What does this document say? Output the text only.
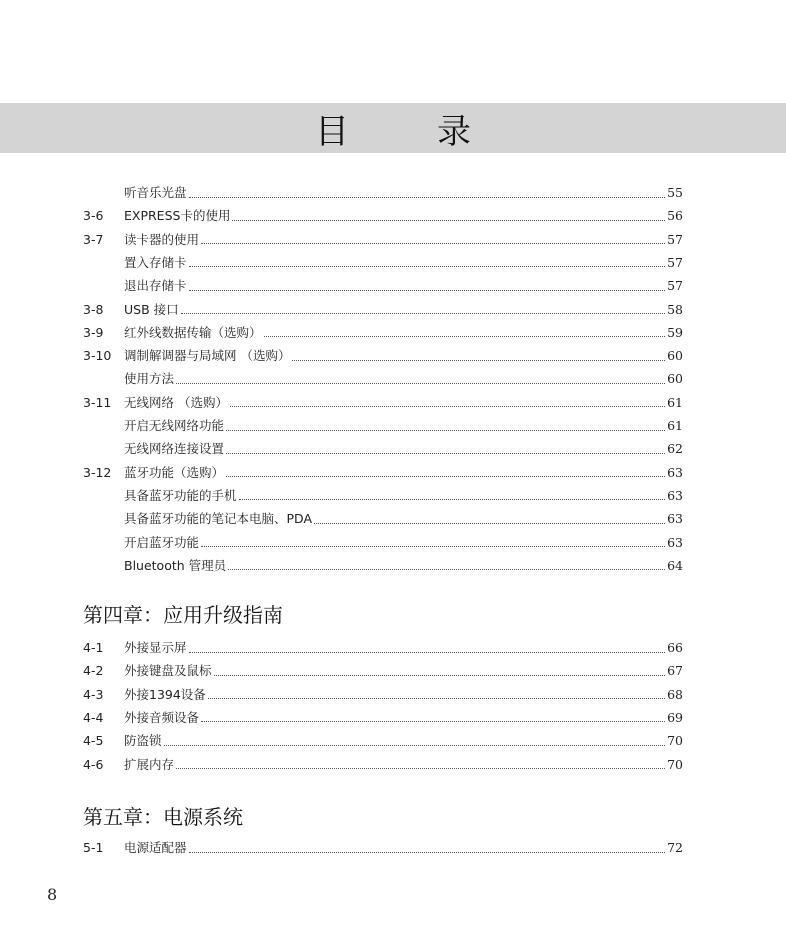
目	录
听音乐光盘	55
3-6	EXPRESS卡的使用	56
3-7	读卡器的使用	57
置入存储卡	57
退出存储卡	57
3-8	USB 接口	58
3-9	红外线数据传输（选购）	59
3-10	调制解调器与局域网 （选购）	60
使用方法	60
3-11	无线网络 （选购）	61
开启无线网络功能	61
无线网络连接设置	62
3-12	蓝牙功能（选购）	63
具备蓝牙功能的手机	63
具备蓝牙功能的笔记本电脑、PDA	63
开启蓝牙功能	63
Bluetooth 管理员	64
第四章：应用升级指南
4-1	外接显示屏	66
4-2	外接键盘及鼠标	67
4-3	外接1394设备	68
4-4	外接音频设备	69
4-5	防盗锁	70
4-6	扩展内存	70
第五章：电源系统
5-1	电源适配器	72
8
